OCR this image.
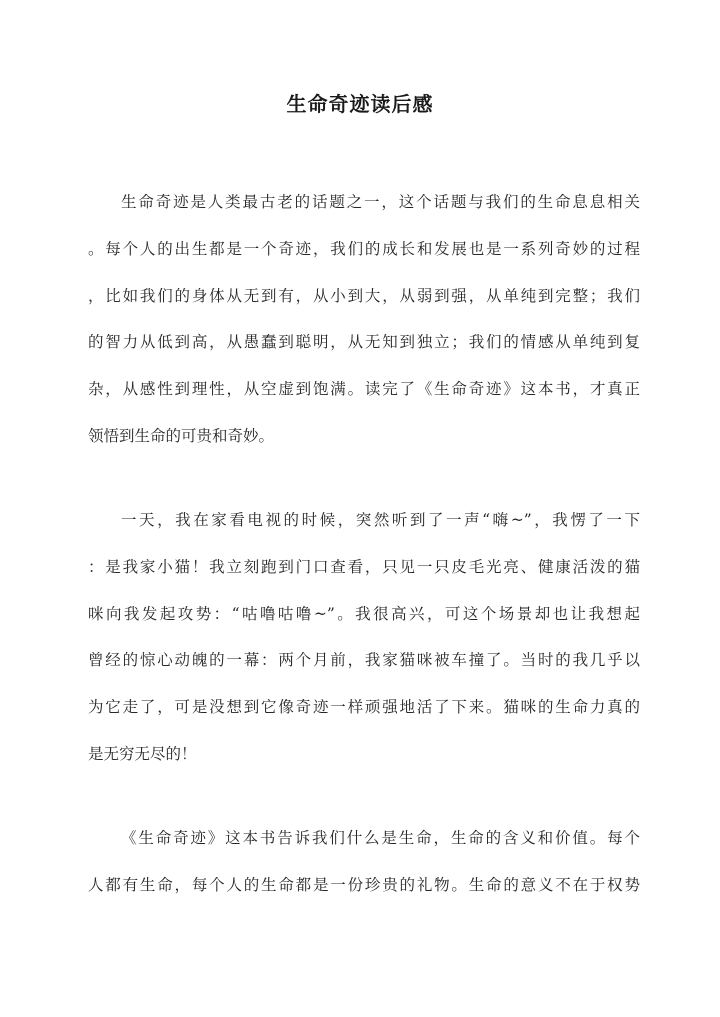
生命奇迹读后感
生命奇迹是人类最古老的话题之一，这个话题与我们的生命息息相关
。每个人的出生都是一个奇迹，我们的成长和发展也是一系列奇妙的过程
，比如我们的身体从无到有，从小到大，从弱到强，从单纯到完整；我们
的智力从低到高，从愚蠢到聪明，从无知到独立；我们的情感从单纯到复
杂，从感性到理性，从空虚到饱满。读完了《生命奇迹》这本书，才真正
领悟到生命的可贵和奇妙。
一天，我在家看电视的时候，突然听到了一声“嗨~”，我愣了一下
：是我家小猫！我立刻跑到门口查看，只见一只皮毛光亮、健康活泼的猫
咪向我发起攻势：“咕噜咕噜~”。我很高兴，可这个场景却也让我想起
曾经的惊心动魄的一幕：两个月前，我家猫咪被车撞了。当时的我几乎以
为它走了，可是没想到它像奇迹一样顽强地活了下来。猫咪的生命力真的
是无穷无尽的！
《生命奇迹》这本书告诉我们什么是生命，生命的含义和价值。每个
人都有生命，每个人的生命都是一份珍贵的礼物。生命的意义不在于权势
